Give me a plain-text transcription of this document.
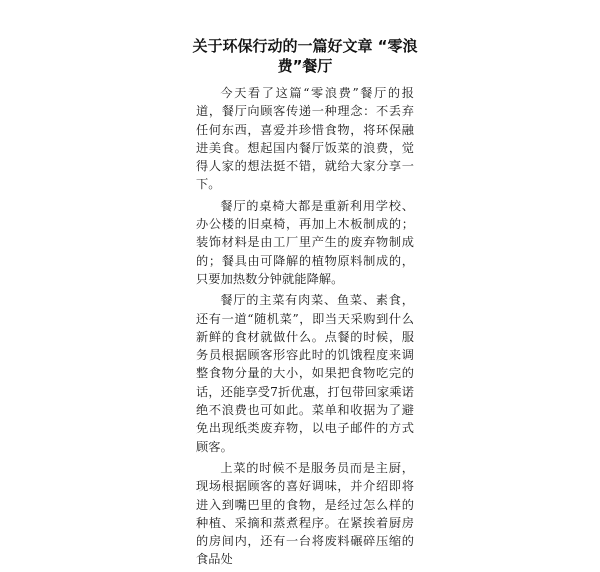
关于环保行动的一篇好文章 “零浪费”餐厅

今天看了这篇“零浪费”餐厅的报道，餐厅向顾客传递一种理念：不丢弃任何东西，喜爱并珍惜食物，将环保融进美食。想起国内餐厅饭菜的浪费，觉得人家的想法挺不错，就给大家分享一下。

餐厅的桌椅大都是重新利用学校、办公楼的旧桌椅，再加上木板制成的；装饰材料是由工厂里产生的废弃物制成的；餐具由可降解的植物原料制成的，只要加热数分钟就能降解。

餐厅的主菜有肉菜、鱼菜、素食，还有一道“随机菜”，即当天采购到什么新鲜的食材就做什么。点餐的时候，服务员根据顾客形容此时的饥饿程度来调整食物分量的大小，如果把食物吃完的话，还能享受7折优惠，打包带回家乘诺绝不浪费也可如此。菜单和收据为了避免出现纸类废弃物，以电子邮件的方式顾客。

上菜的时候不是服务员而是主厨，现场根据顾客的喜好调味，并介绍即将进入到嘴巴里的食物，是经过怎么样的种植、采摘和蒸煮程序。在紧挨着厨房的房间内，还有一台将废料碾碎压缩的食品处
